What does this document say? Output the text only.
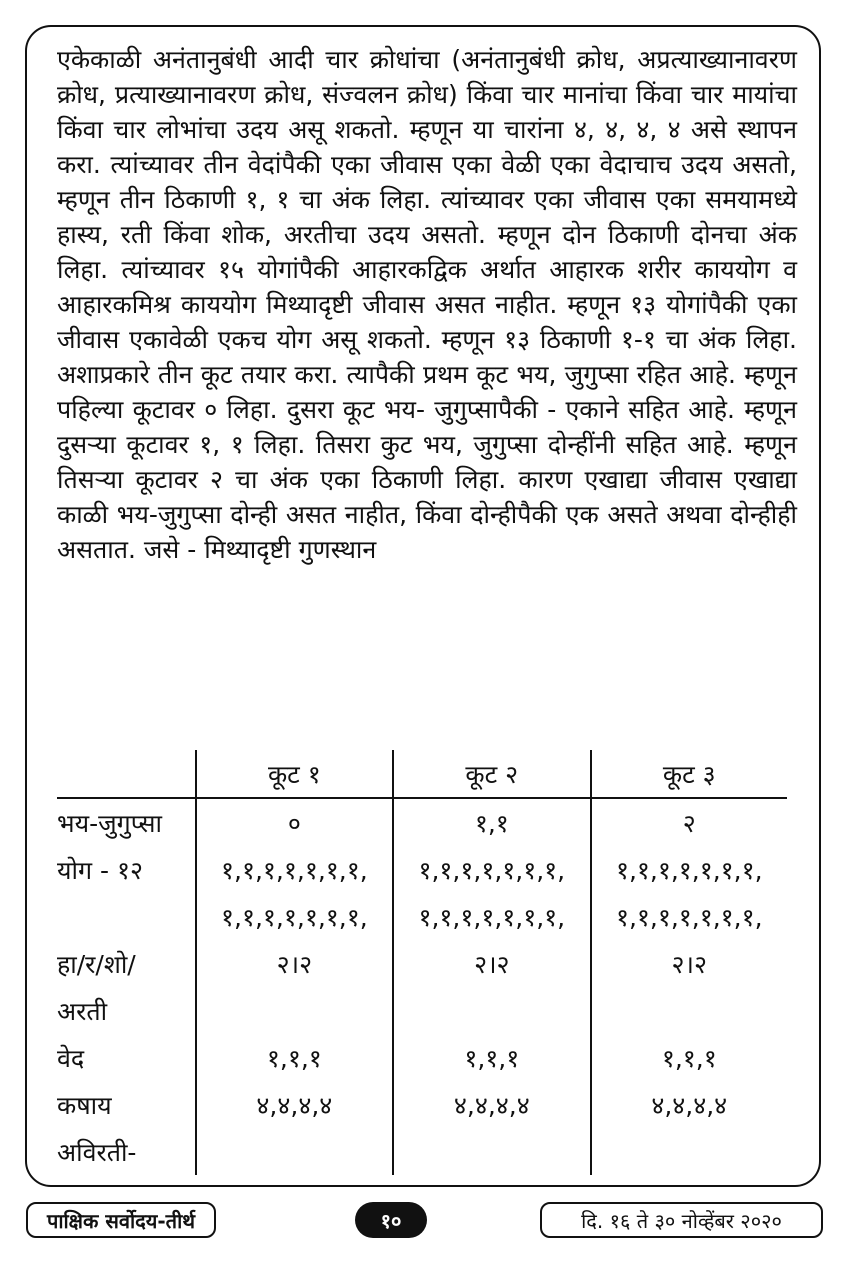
एकेकाळी अनंतानुबंधी आदी चार क्रोधांचा (अनंतानुबंधी क्रोध, अप्रत्याख्यानावरण क्रोध, प्रत्याख्यानावरण क्रोध, संज्वलन क्रोध) किंवा चार मानांचा किंवा चार मायांचा किंवा चार लोभांचा उदय असू शकतो. म्हणून या चारांना ४, ४, ४, ४ असे स्थापन करा. त्यांच्यावर तीन वेदांपैकी एका जीवास एका वेळी एका वेदाचाच उदय असतो, म्हणून तीन ठिकाणी १, १ चा अंक लिहा. त्यांच्यावर एका जीवास एका समयामध्ये हास्य, रती किंवा शोक, अरतीचा उदय असतो. म्हणून दोन ठिकाणी दोनचा अंक लिहा. त्यांच्यावर १५ योगांपैकी आहारकद्विक अर्थात आहारक शरीर काययोग व आहारकमिश्र काययोग मिथ्यादृष्टी जीवास असत नाहीत. म्हणून १३ योगांपैकी एका जीवास एकावेळी एकच योग असू शकतो. म्हणून १३ ठिकाणी १-१ चा अंक लिहा. अशाप्रकारे तीन कूट तयार करा. त्यापैकी प्रथम कूट भय, जुगुप्सा रहित आहे. म्हणून पहिल्या कूटावर ० लिहा. दुसरा कूट भय- जुगुप्सापैकी - एकाने सहित आहे. म्हणून दुसऱ्या कूटावर १, १ लिहा. तिसरा कुट भय, जुगुप्सा दोन्हींनी सहित आहे. म्हणून तिसऱ्या कूटावर २ चा अंक एका ठिकाणी लिहा. कारण एखाद्या जीवास एखाद्या काळी भय-जुगुप्सा दोन्ही असत नाहीत, किंवा दोन्हीपैकी एक असते अथवा दोन्हीही असतात. जसे - मिथ्यादृष्टी गुणस्थान

	कूट १	कूट २	कूट ३
भय-जुगुप्सा	०	१,१	२
योग - १२	१,१,१,१,१,१,१,	१,१,१,१,१,१,१,	१,१,१,१,१,१,१,
	१,१,१,१,१,१,१,	१,१,१,१,१,१,१,	१,१,१,१,१,१,१,
हा/र/शो/	२।२	२।२	२।२
अरती			
वेद	१,१,१	१,१,१	१,१,१
कषाय	४,४,४,४	४,४,४,४	४,४,४,४
अविरती-			
पाक्षिक सर्वोदय-तीर्थ	१०	दि. १६ ते ३० नोव्हेंबर २०२०
